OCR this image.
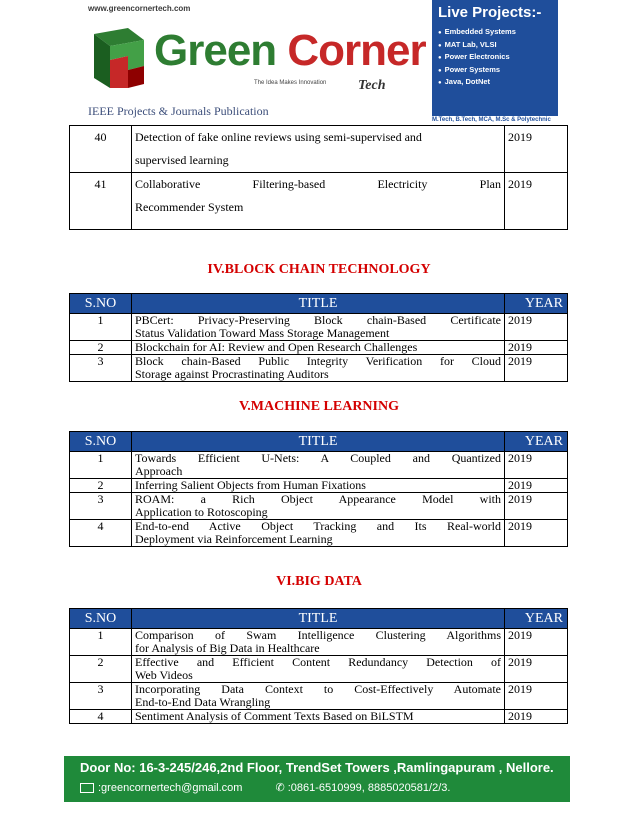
www.greencornertech.com
Green Corner
The Idea Makes Innovation Tech
IEEE Projects & Journals Publication
Live Projects:-
● Embedded Systems
● MAT Lab, VLSI
● Power Electronics
● Power Systems
● Java, DotNet
M.Tech, B.Tech, MCA, M.Sc & Polytechnic
40	Detection of fake online reviews using semi-supervised and
supervised learning	2019
41	Collaborative Filtering-based Electricity Plan
Recommender System	2019
IV.BLOCK CHAIN TECHNOLOGY
S.NO	TITLE	YEAR
1	PBCert: Privacy-Preserving Block chain-Based Certificate
Status Validation Toward Mass Storage Management	2019
2	Blockchain for AI: Review and Open Research Challenges	2019
3	Block chain-Based Public Integrity Verification for Cloud
Storage against Procrastinating Auditors	2019
V.MACHINE LEARNING
S.NO	TITLE	YEAR
1	Towards Efficient U-Nets: A Coupled and Quantized
Approach	2019
2	Inferring Salient Objects from Human Fixations	2019
3	ROAM: a Rich Object Appearance Model with
Application to Rotoscoping	2019
4	End-to-end Active Object Tracking and Its Real-world
Deployment via Reinforcement Learning	2019
VI.BIG DATA
S.NO	TITLE	YEAR
1	Comparison of Swam Intelligence Clustering Algorithms
for Analysis of Big Data in Healthcare	2019
2	Effective and Efficient Content Redundancy Detection of
Web Videos	2019
3	Incorporating Data Context to Cost-Effectively Automate
End-to-End Data Wrangling	2019
4	Sentiment Analysis of Comment Texts Based on BiLSTM	2019
Door No: 16-3-245/246,2nd Floor, TrendSet Towers ,Ramlingapuram , Nellore.
:greencornertech@gmail.com	✆ :0861-6510999, 8885020581/2/3.
